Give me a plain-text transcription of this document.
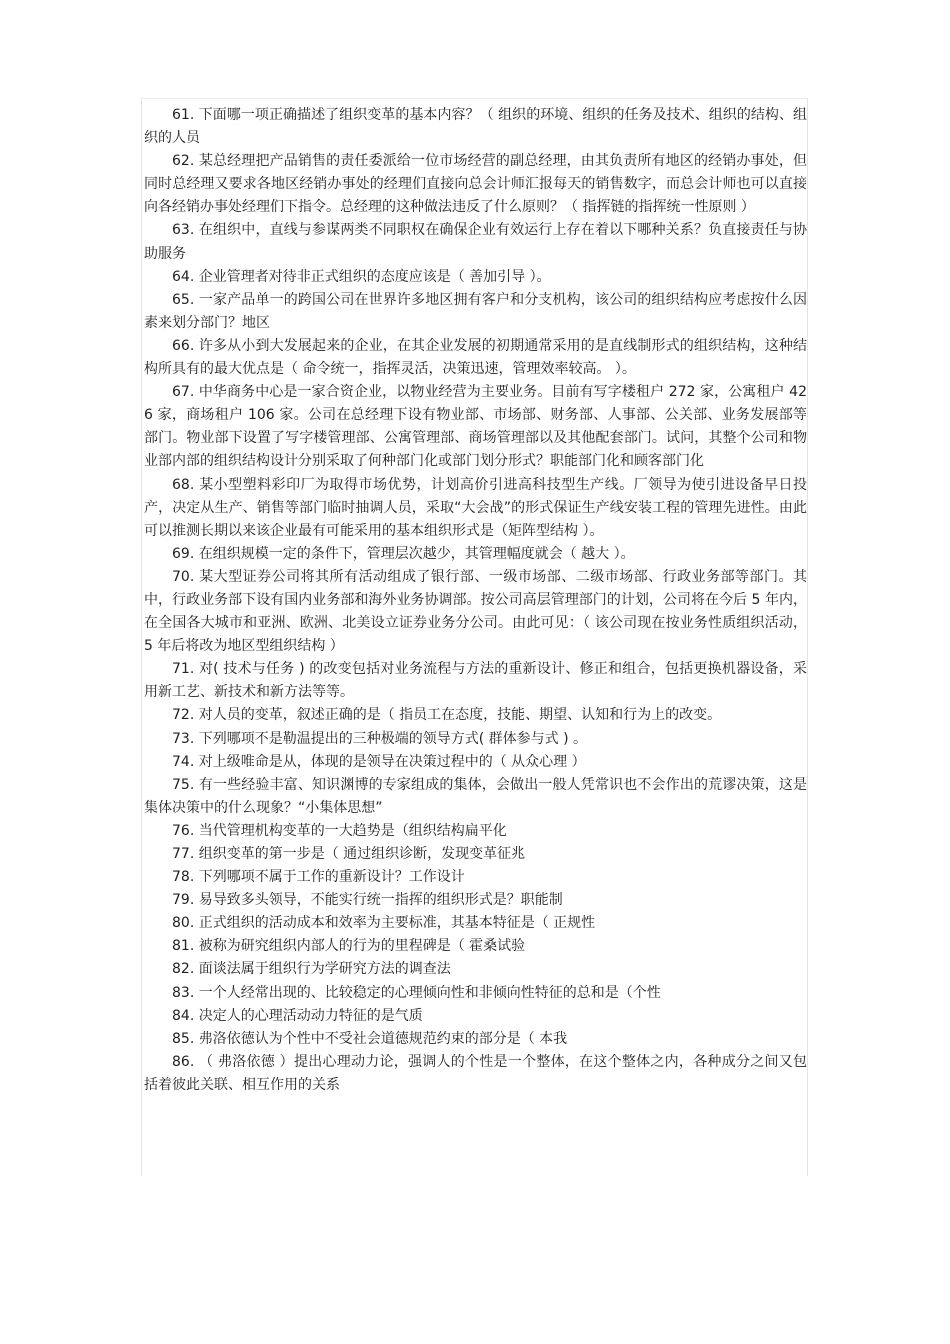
61. 下面哪一项正确描述了组织变革的基本内容？（ 组织的环境、组织的任务及技术、组织的结构、组织的人员

62. 某总经理把产品销售的责任委派给一位市场经营的副总经理，由其负责所有地区的经销办事处，但同时总经理又要求各地区经销办事处的经理们直接向总会计师汇报每天的销售数字，而总会计师也可以直接向各经销办事处经理们下指令。总经理的这种做法违反了什么原则？（ 指挥链的指挥统一性原则 ）

63. 在组织中，直线与参谋两类不同职权在确保企业有效运行上存在着以下哪种关系？负直接责任与协助服务

64. 企业管理者对待非正式组织的态度应该是（ 善加引导 ）。

65. 一家产品单一的跨国公司在世界许多地区拥有客户和分支机构，该公司的组织结构应考虑按什么因素来划分部门？地区

66. 许多从小到大发展起来的企业，在其企业发展的初期通常采用的是直线制形式的组织结构，这种结构所具有的最大优点是（ 命令统一，指挥灵活，决策迅速，管理效率较高。 ）。

67. 中华商务中心是一家合资企业，以物业经营为主要业务。目前有写字楼租户 272 家，公寓租户 426 家，商场租户 106 家。公司在总经理下设有物业部、市场部、财务部、人事部、公关部、业务发展部等部门。物业部下设置了写字楼管理部、公寓管理部、商场管理部以及其他配套部门。试问，其整个公司和物业部内部的组织结构设计分别采取了何种部门化或部门划分形式？职能部门化和顾客部门化

68. 某小型塑料彩印厂为取得市场优势，计划高价引进高科技型生产线。厂领导为使引进设备早日投产，决定从生产、销售等部门临时抽调人员，采取“大会战”的形式保证生产线安装工程的管理先进性。由此可以推测长期以来该企业最有可能采用的基本组织形式是（矩阵型结构 ）。

69. 在组织规模一定的条件下，管理层次越少，其管理幅度就会（ 越大 ）。

70. 某大型证券公司将其所有活动组成了银行部、一级市场部、二级市场部、行政业务部等部门。其中，行政业务部下设有国内业务部和海外业务协调部。按公司高层管理部门的计划，公司将在今后 5 年内，在全国各大城市和亚洲、欧洲、北美设立证券业务分公司。由此可见：（ 该公司现在按业务性质组织活动，5 年后将改为地区型组织结构 ）

71. 对( 技术与任务 ) 的改变包括对业务流程与方法的重新设计、修正和组合，包括更换机器设备，采用新工艺、新技术和新方法等等。

72. 对人员的变革，叙述正确的是（ 指员工在态度，技能、期望、认知和行为上的改变。

73. 下列哪项不是勒温提出的三种极端的领导方式( 群体参与式 ) 。

74. 对上级唯命是从，体现的是领导在决策过程中的（ 从众心理 ）

75. 有一些经验丰富、知识渊博的专家组成的集体，会做出一般人凭常识也不会作出的荒谬决策，这是集体决策中的什么现象？“小集体思想”

76. 当代管理机构变革的一大趋势是（组织结构扁平化

77. 组织变革的第一步是（ 通过组织诊断，发现变革征兆

78. 下列哪项不属于工作的重新设计？工作设计

79. 易导致多头领导，不能实行统一指挥的组织形式是？职能制

80. 正式组织的活动成本和效率为主要标准，其基本特征是（ 正规性

81. 被称为研究组织内部人的行为的里程碑是（ 霍桑试验

82. 面谈法属于组织行为学研究方法的调查法

83. 一个人经常出现的、比较稳定的心理倾向性和非倾向性特征的总和是（个性

84. 决定人的心理活动动力特征的是气质

85. 弗洛依德认为个性中不受社会道德规范约束的部分是（ 本我

86. （ 弗洛依德 ）提出心理动力论，强调人的个性是一个整体，在这个整体之内，各种成分之间又包括着彼此关联、相互作用的关系
